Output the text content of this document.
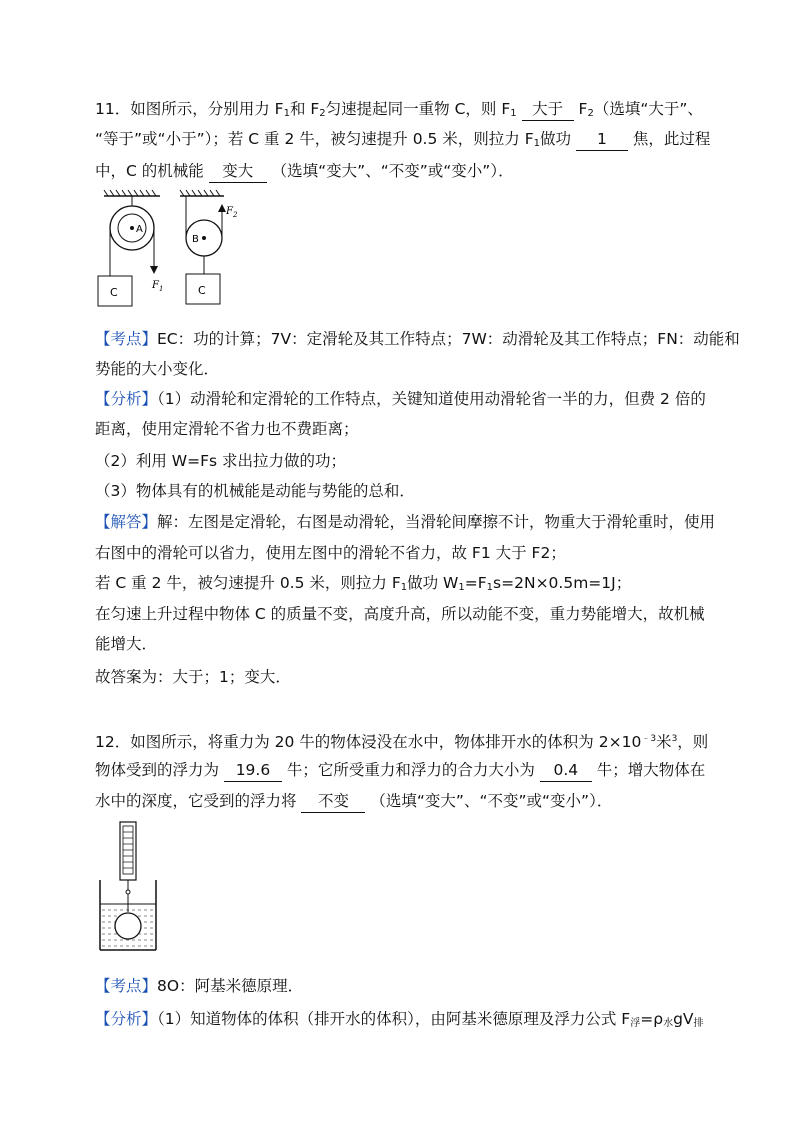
11．如图所示，分别用力 $F_1$和 $F_2$匀速提起同一重物 C，则 $F_1$ 大于 $F_2$（选填“大于”、
“等于”或“小于”）；若 C 重 2 牛，被匀速提升 0.5 米，则拉力 $F_1$做功 1 焦，此过程
中，C 的机械能 变大 （选填“变大”、“不变”或“变小”）．
A
$F_1$
C
B
$F_2$
C
【考点】EC：功的计算；7V：定滑轮及其工作特点；7W：动滑轮及其工作特点；FN：动能和
势能的大小变化．
【分析】（1）动滑轮和定滑轮的工作特点，关键知道使用动滑轮省一半的力，但费 2 倍的
距离，使用定滑轮不省力也不费距离；
（2）利用 W=Fs 求出拉力做的功；
（3）物体具有的机械能是动能与势能的总和．
【解答】解：左图是定滑轮，右图是动滑轮，当滑轮间摩擦不计，物重大于滑轮重时，使用
右图中的滑轮可以省力，使用左图中的滑轮不省力，故 F1 大于 F2；
若 C 重 2 牛，被匀速提升 0.5 米，则拉力 $F_1$做功 $W_1=F_1s=2N\times 0.5m=1J$；
在匀速上升过程中物体 C 的质量不变，高度升高，所以动能不变，重力势能增大，故机械
能增大．
故答案为：大于；1；变大．
12．如图所示，将重力为 20 牛的物体浸没在水中，物体排开水的体积为 $2\times 10^{﹣3}$米$^3$，则
物体受到的浮力为 19.6 牛；它所受重力和浮力的合力大小为 0.4 牛；增大物体在
水中的深度，它受到的浮力将 不变 （选填“变大”、“不变”或“变小”）．
【考点】8O：阿基米德原理．
【分析】（1）知道物体的体积（排开水的体积），由阿基米德原理及浮力公式 $F_浮=\rho_水gV_排$
